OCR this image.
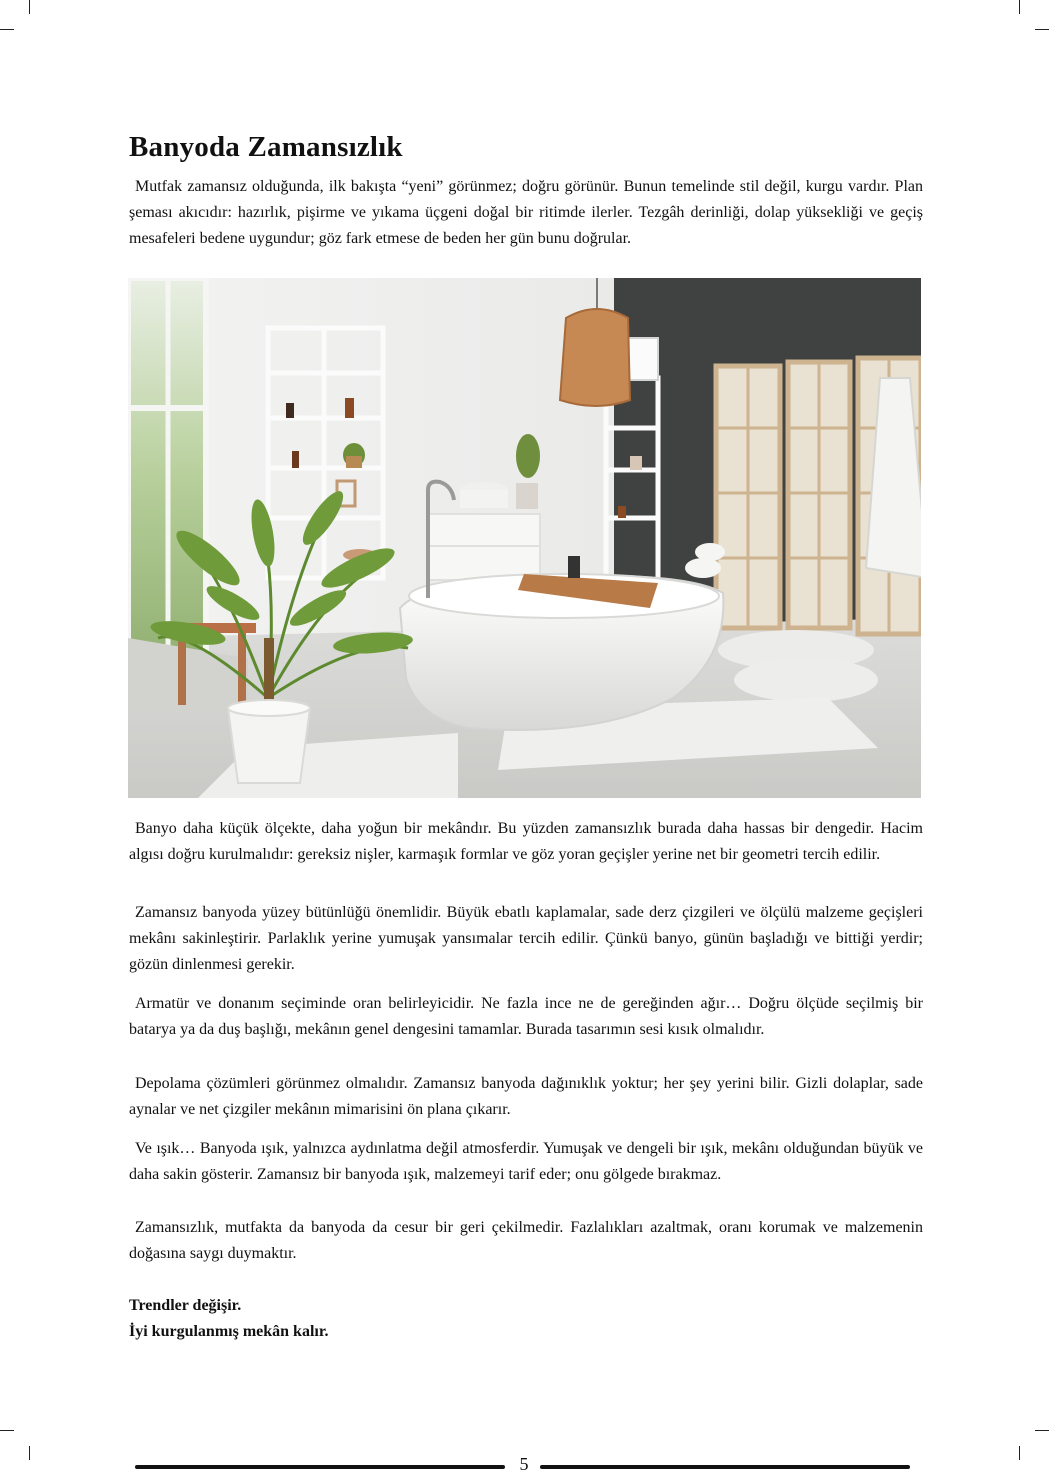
Banyoda Zamansızlık

Mutfak zamansız olduğunda, ilk bakışta “yeni” görünmez; doğru görünür. Bunun temelinde stil değil, kurgu vardır. Plan şeması akıcıdır: hazırlık, pişirme ve yıkama üçgeni doğal bir ritimde ilerler. Tezgâh derinliği, dolap yüksekliği ve geçiş mesafeleri bedene uygundur; göz fark etmese de beden her gün bunu doğrular.

Banyo daha küçük ölçekte, daha yoğun bir mekândır. Bu yüzden zamansızlık burada daha hassas bir dengedir. Hacim algısı doğru kurulmalıdır: gereksiz nişler, karmaşık formlar ve göz yoran geçişler yerine net bir geometri tercih edilir.

Zamansız banyoda yüzey bütünlüğü önemlidir. Büyük ebatlı kaplamalar, sade derz çizgileri ve ölçülü malzeme geçişleri mekânı sakinleştirir. Parlaklık yerine yumuşak yansımalar tercih edilir. Çünkü banyo, günün başladığı ve bittiği yerdir; gözün dinlenmesi gerekir.

Armatür ve donanım seçiminde oran belirleyicidir. Ne fazla ince ne de gereğinden ağır… Doğru ölçüde seçilmiş bir batarya ya da duş başlığı, mekânın genel dengesini tamamlar. Burada tasarımın sesi kısık olmalıdır.

Depolama çözümleri görünmez olmalıdır. Zamansız banyoda dağınıklık yoktur; her şey yerini bilir. Gizli dolaplar, sade aynalar ve net çizgiler mekânın mimarisini ön plana çıkarır.

Ve ışık… Banyoda ışık, yalnızca aydınlatma değil atmosferdir. Yumuşak ve dengeli bir ışık, mekânı olduğundan büyük ve daha sakin gösterir. Zamansız bir banyoda ışık, malzemeyi tarif eder; onu gölgede bırakmaz.

Zamansızlık, mutfakta da banyoda da cesur bir geri çekilmedir. Fazlalıkları azaltmak, oranı korumak ve malzemenin doğasına saygı duymaktır.

Trendler değişir.
İyi kurgulanmış mekân kalır.
5
